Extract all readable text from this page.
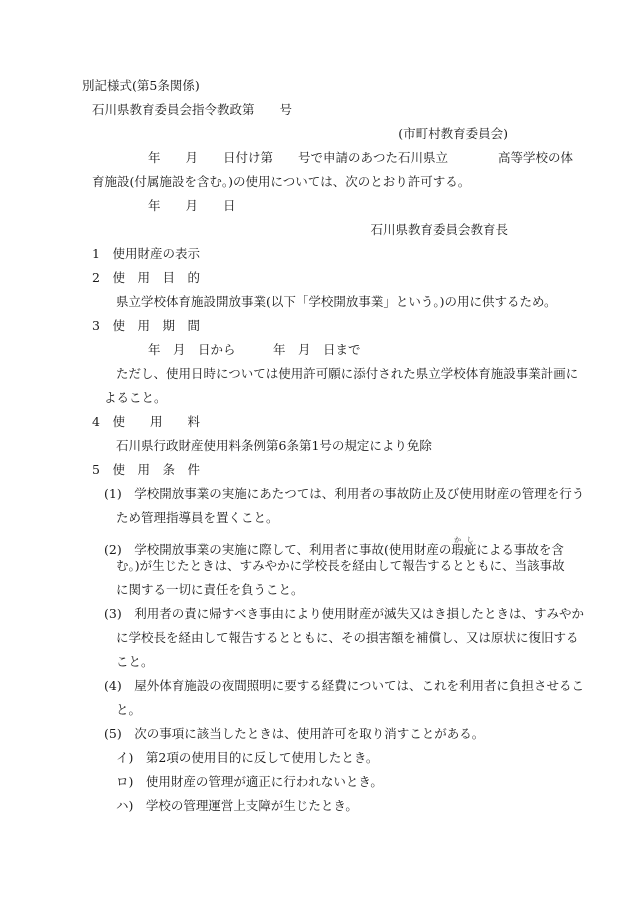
別記様式(第5条関係)
石川県教育委員会指令教政第　　号
(市町村教育委員会)
年　　月　　日付け第　　号で申請のあつた石川県立　　　　高等学校の体
育施設(付属施設を含む。)の使用については、次のとおり許可する。
年　　月　　日
石川県教育委員会教育長
1　使用財産の表示
2　使　用　目　的
県立学校体育施設開放事業(以下「学校開放事業」という。)の用に供するため。
3　使　用　期　間
年　月　日から　　　年　月　日まで
ただし、使用日時については使用許可願に添付された県立学校体育施設事業計画に
よること。
4　使　　用　　料
石川県行政財産使用料条例第6条第1号の規定により免除
5　使　用　条　件
(1)　学校開放事業の実施にあたつては、利用者の事故防止及び使用財産の管理を行う
ため管理指導員を置くこと。
(2)　学校開放事業の実施に際して、利用者に事故(使用財産の瑕疵かしによる事故を含
む。)が生じたときは、すみやかに学校長を経由して報告するとともに、当該事故
に関する一切に責任を負うこと。
(3)　利用者の責に帰すべき事由により使用財産が滅失又はき損したときは、すみやか
に学校長を経由して報告するとともに、その損害額を補償し、又は原状に復旧する
こと。
(4)　屋外体育施設の夜間照明に要する経費については、これを利用者に負担させるこ
と。
(5)　次の事項に該当したときは、使用許可を取り消すことがある。
イ)　第2項の使用目的に反して使用したとき。
ロ)　使用財産の管理が適正に行われないとき。
ハ)　学校の管理運営上支障が生じたとき。
